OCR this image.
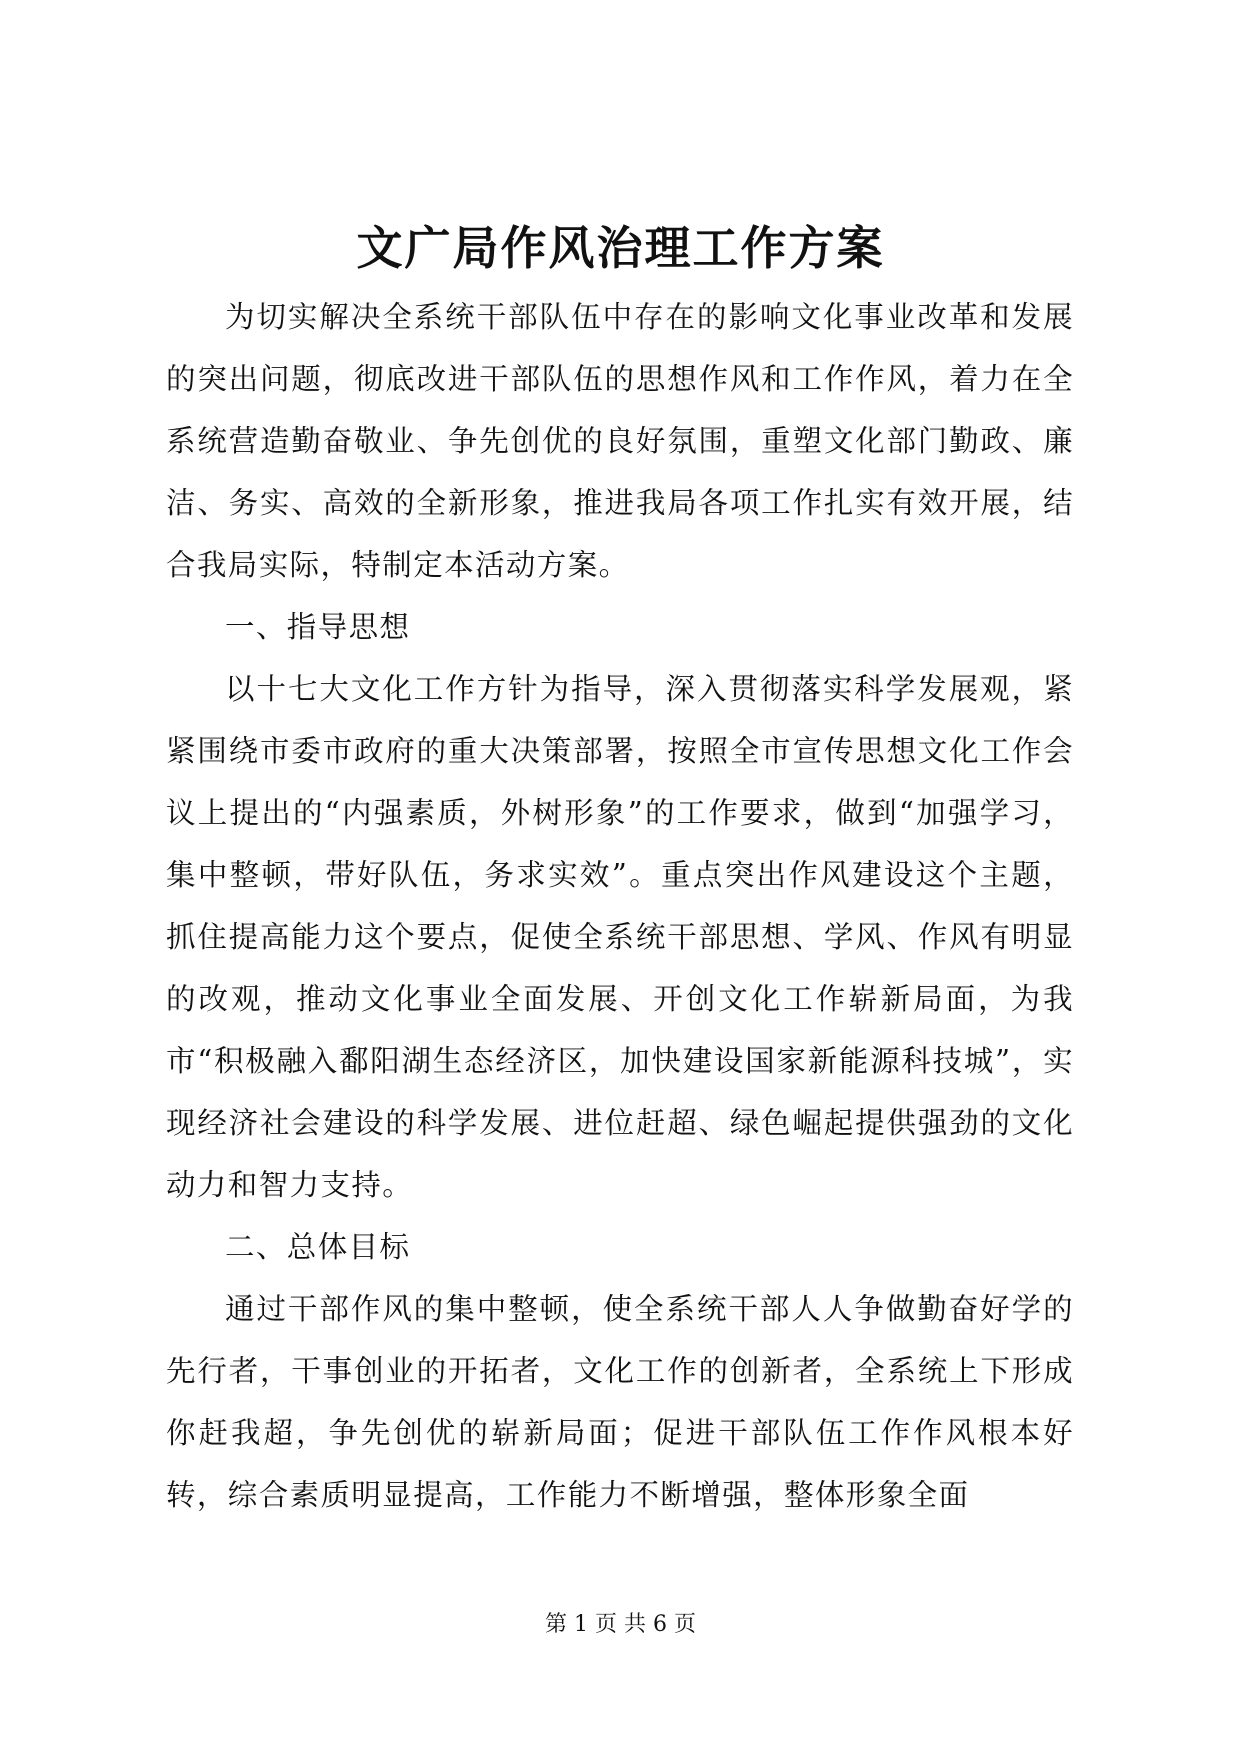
文广局作风治理工作方案

为切实解决全系统干部队伍中存在的影响文化事业改革和发展的突出问题，彻底改进干部队伍的思想作风和工作作风，着力在全系统营造勤奋敬业、争先创优的良好氛围，重塑文化部门勤政、廉洁、务实、高效的全新形象，推进我局各项工作扎实有效开展，结合我局实际，特制定本活动方案。

一、指导思想

以十七大文化工作方针为指导，深入贯彻落实科学发展观，紧紧围绕市委市政府的重大决策部署，按照全市宣传思想文化工作会议上提出的“内强素质，外树形象”的工作要求，做到“加强学习，集中整顿，带好队伍，务求实效”。重点突出作风建设这个主题，抓住提高能力这个要点，促使全系统干部思想、学风、作风有明显的改观，推动文化事业全面发展、开创文化工作崭新局面，为我市“积极融入鄱阳湖生态经济区，加快建设国家新能源科技城”，实现经济社会建设的科学发展、进位赶超、绿色崛起提供强劲的文化动力和智力支持。

二、总体目标

通过干部作风的集中整顿，使全系统干部人人争做勤奋好学的先行者，干事创业的开拓者，文化工作的创新者，全系统上下形成你赶我超，争先创优的崭新局面；促进干部队伍工作作风根本好转，综合素质明显提高，工作能力不断增强，整体形象全面

第 1 页 共 6 页
